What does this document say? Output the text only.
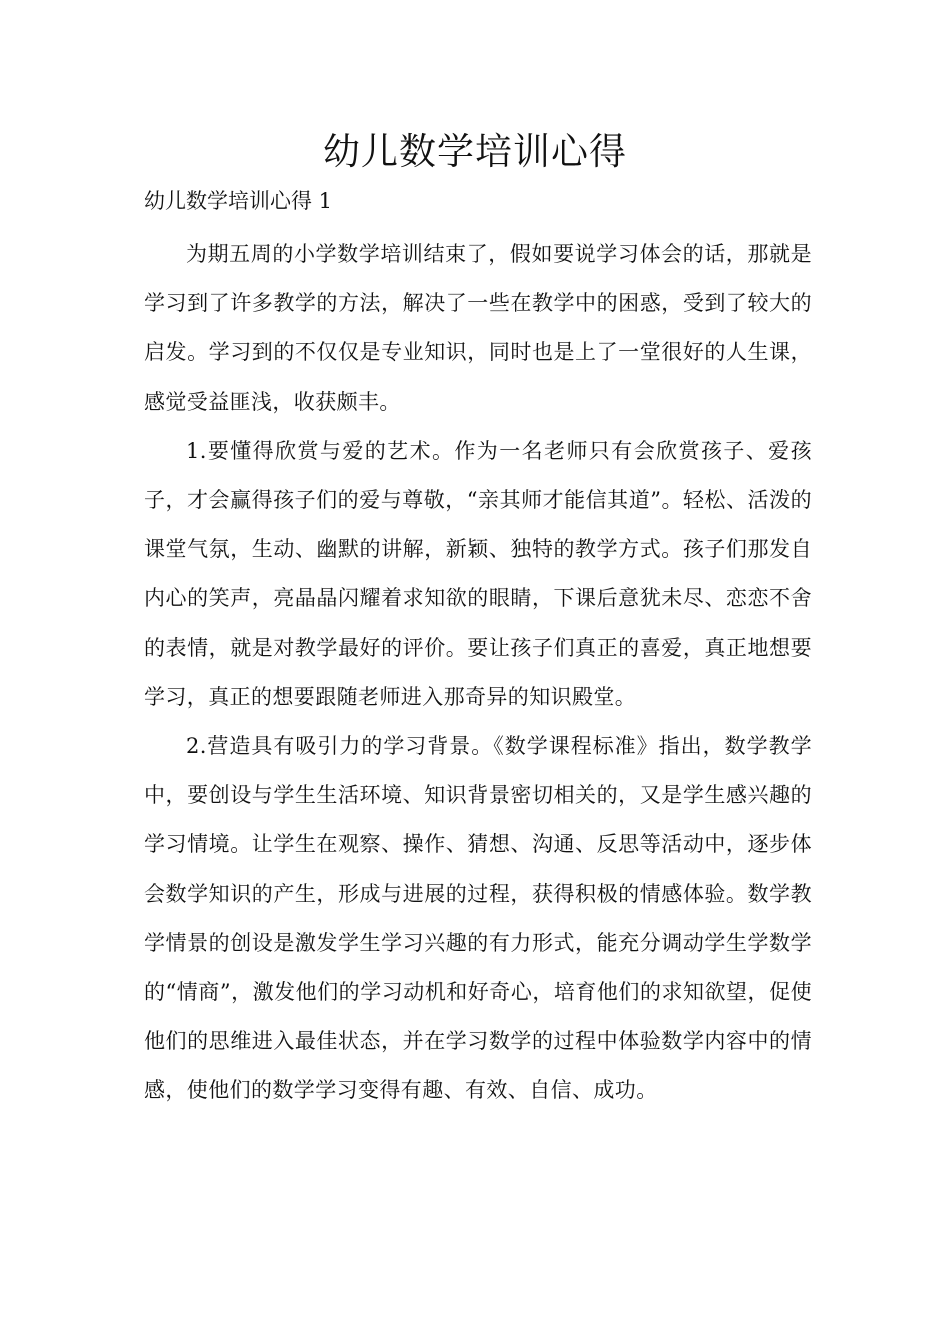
幼儿数学培训心得

幼儿数学培训心得 1

为期五周的小学数学培训结束了，假如要说学习体会的话，那就是学习到了许多教学的方法，解决了一些在教学中的困惑，受到了较大的启发。学习到的不仅仅是专业知识，同时也是上了一堂很好的人生课，感觉受益匪浅，收获颇丰。

1.要懂得欣赏与爱的艺术。作为一名老师只有会欣赏孩子、爱孩子，才会赢得孩子们的爱与尊敬，“亲其师才能信其道”。轻松、活泼的课堂气氛，生动、幽默的讲解，新颖、独特的教学方式。孩子们那发自内心的笑声，亮晶晶闪耀着求知欲的眼睛，下课后意犹未尽、恋恋不舍的表情，就是对教学最好的评价。要让孩子们真正的喜爱，真正地想要学习，真正的想要跟随老师进入那奇异的知识殿堂。

2.营造具有吸引力的学习背景。《数学课程标准》指出，数学教学中，要创设与学生生活环境、知识背景密切相关的，又是学生感兴趣的学习情境。让学生在观察、操作、猜想、沟通、反思等活动中，逐步体会数学知识的产生，形成与进展的过程，获得积极的情感体验。数学教学情景的创设是激发学生学习兴趣的有力形式，能充分调动学生学数学的“情商”，激发他们的学习动机和好奇心，培育他们的求知欲望，促使他们的思维进入最佳状态，并在学习数学的过程中体验数学内容中的情感，使他们的数学学习变得有趣、有效、自信、成功。
